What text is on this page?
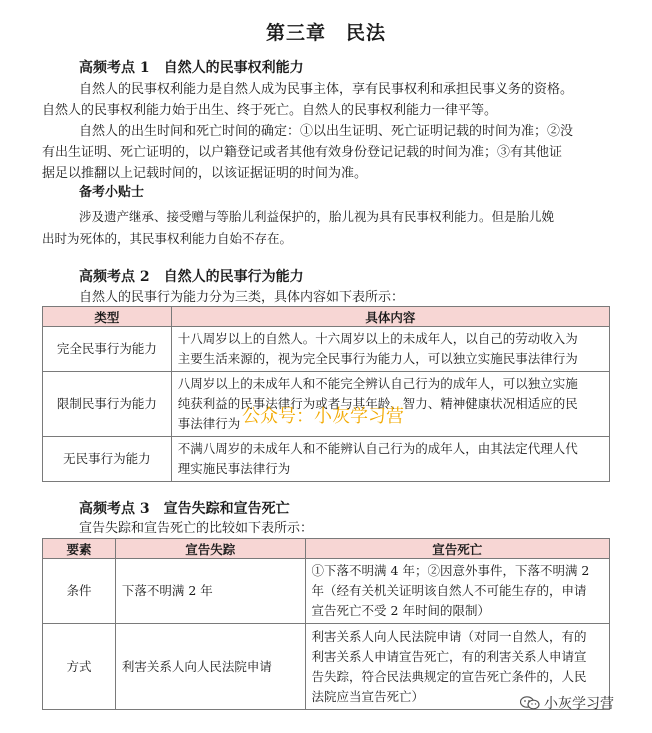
第三章　民法
高频考点 1　自然人的民事权利能力
自然人的民事权利能力是自然人成为民事主体，享有民事权利和承担民事义务的资格。
自然人的民事权利能力始于出生、终于死亡。自然人的民事权利能力一律平等。
自然人的出生时间和死亡时间的确定：①以出生证明、死亡证明记载的时间为准；②没
有出生证明、死亡证明的，以户籍登记或者其他有效身份登记记载的时间为准；③有其他证
据足以推翻以上记载时间的，以该证据证明的时间为准。
备考小贴士
涉及遗产继承、接受赠与等胎儿利益保护的，胎儿视为具有民事权利能力。但是胎儿娩
出时为死体的，其民事权利能力自始不存在。
高频考点 2　自然人的民事行为能力
自然人的民事行为能力分为三类，具体内容如下表所示：
类型	具体内容
完全民事行为能力	十八周岁以上的自然人。十六周岁以上的未成年人，以自己的劳动收入为
主要生活来源的，视为完全民事行为能力人，可以独立实施民事法律行为

限制民事行为能力	八周岁以上的未成年人和不能完全辨认自己行为的成年人，可以独立实施
纯获利益的民事法律行为或者与其年龄、智力、精神健康状况相适应的民
事法律行为

无民事行为能力	不满八周岁的未成年人和不能辨认自己行为的成年人，由其法定代理人代
理实施民事法律行为
高频考点 3　宣告失踪和宣告死亡
宣告失踪和宣告死亡的比较如下表所示：
要素	宣告失踪	宣告死亡
条件	下落不明满 2 年	①下落不明满 4 年；②因意外事件，下落不明满 2
年（经有关机关证明该自然人不可能生存的，申请
宣告死亡不受 2 年时间的限制）

方式	利害关系人向人民法院申请	利害关系人向人民法院申请（对同一自然人，有的
利害关系人申请宣告死亡，有的利害关系人申请宣
告失踪，符合民法典规定的宣告死亡条件的，人民
法院应当宣告死亡）
公众号：小灰学习营
小灰学习营
